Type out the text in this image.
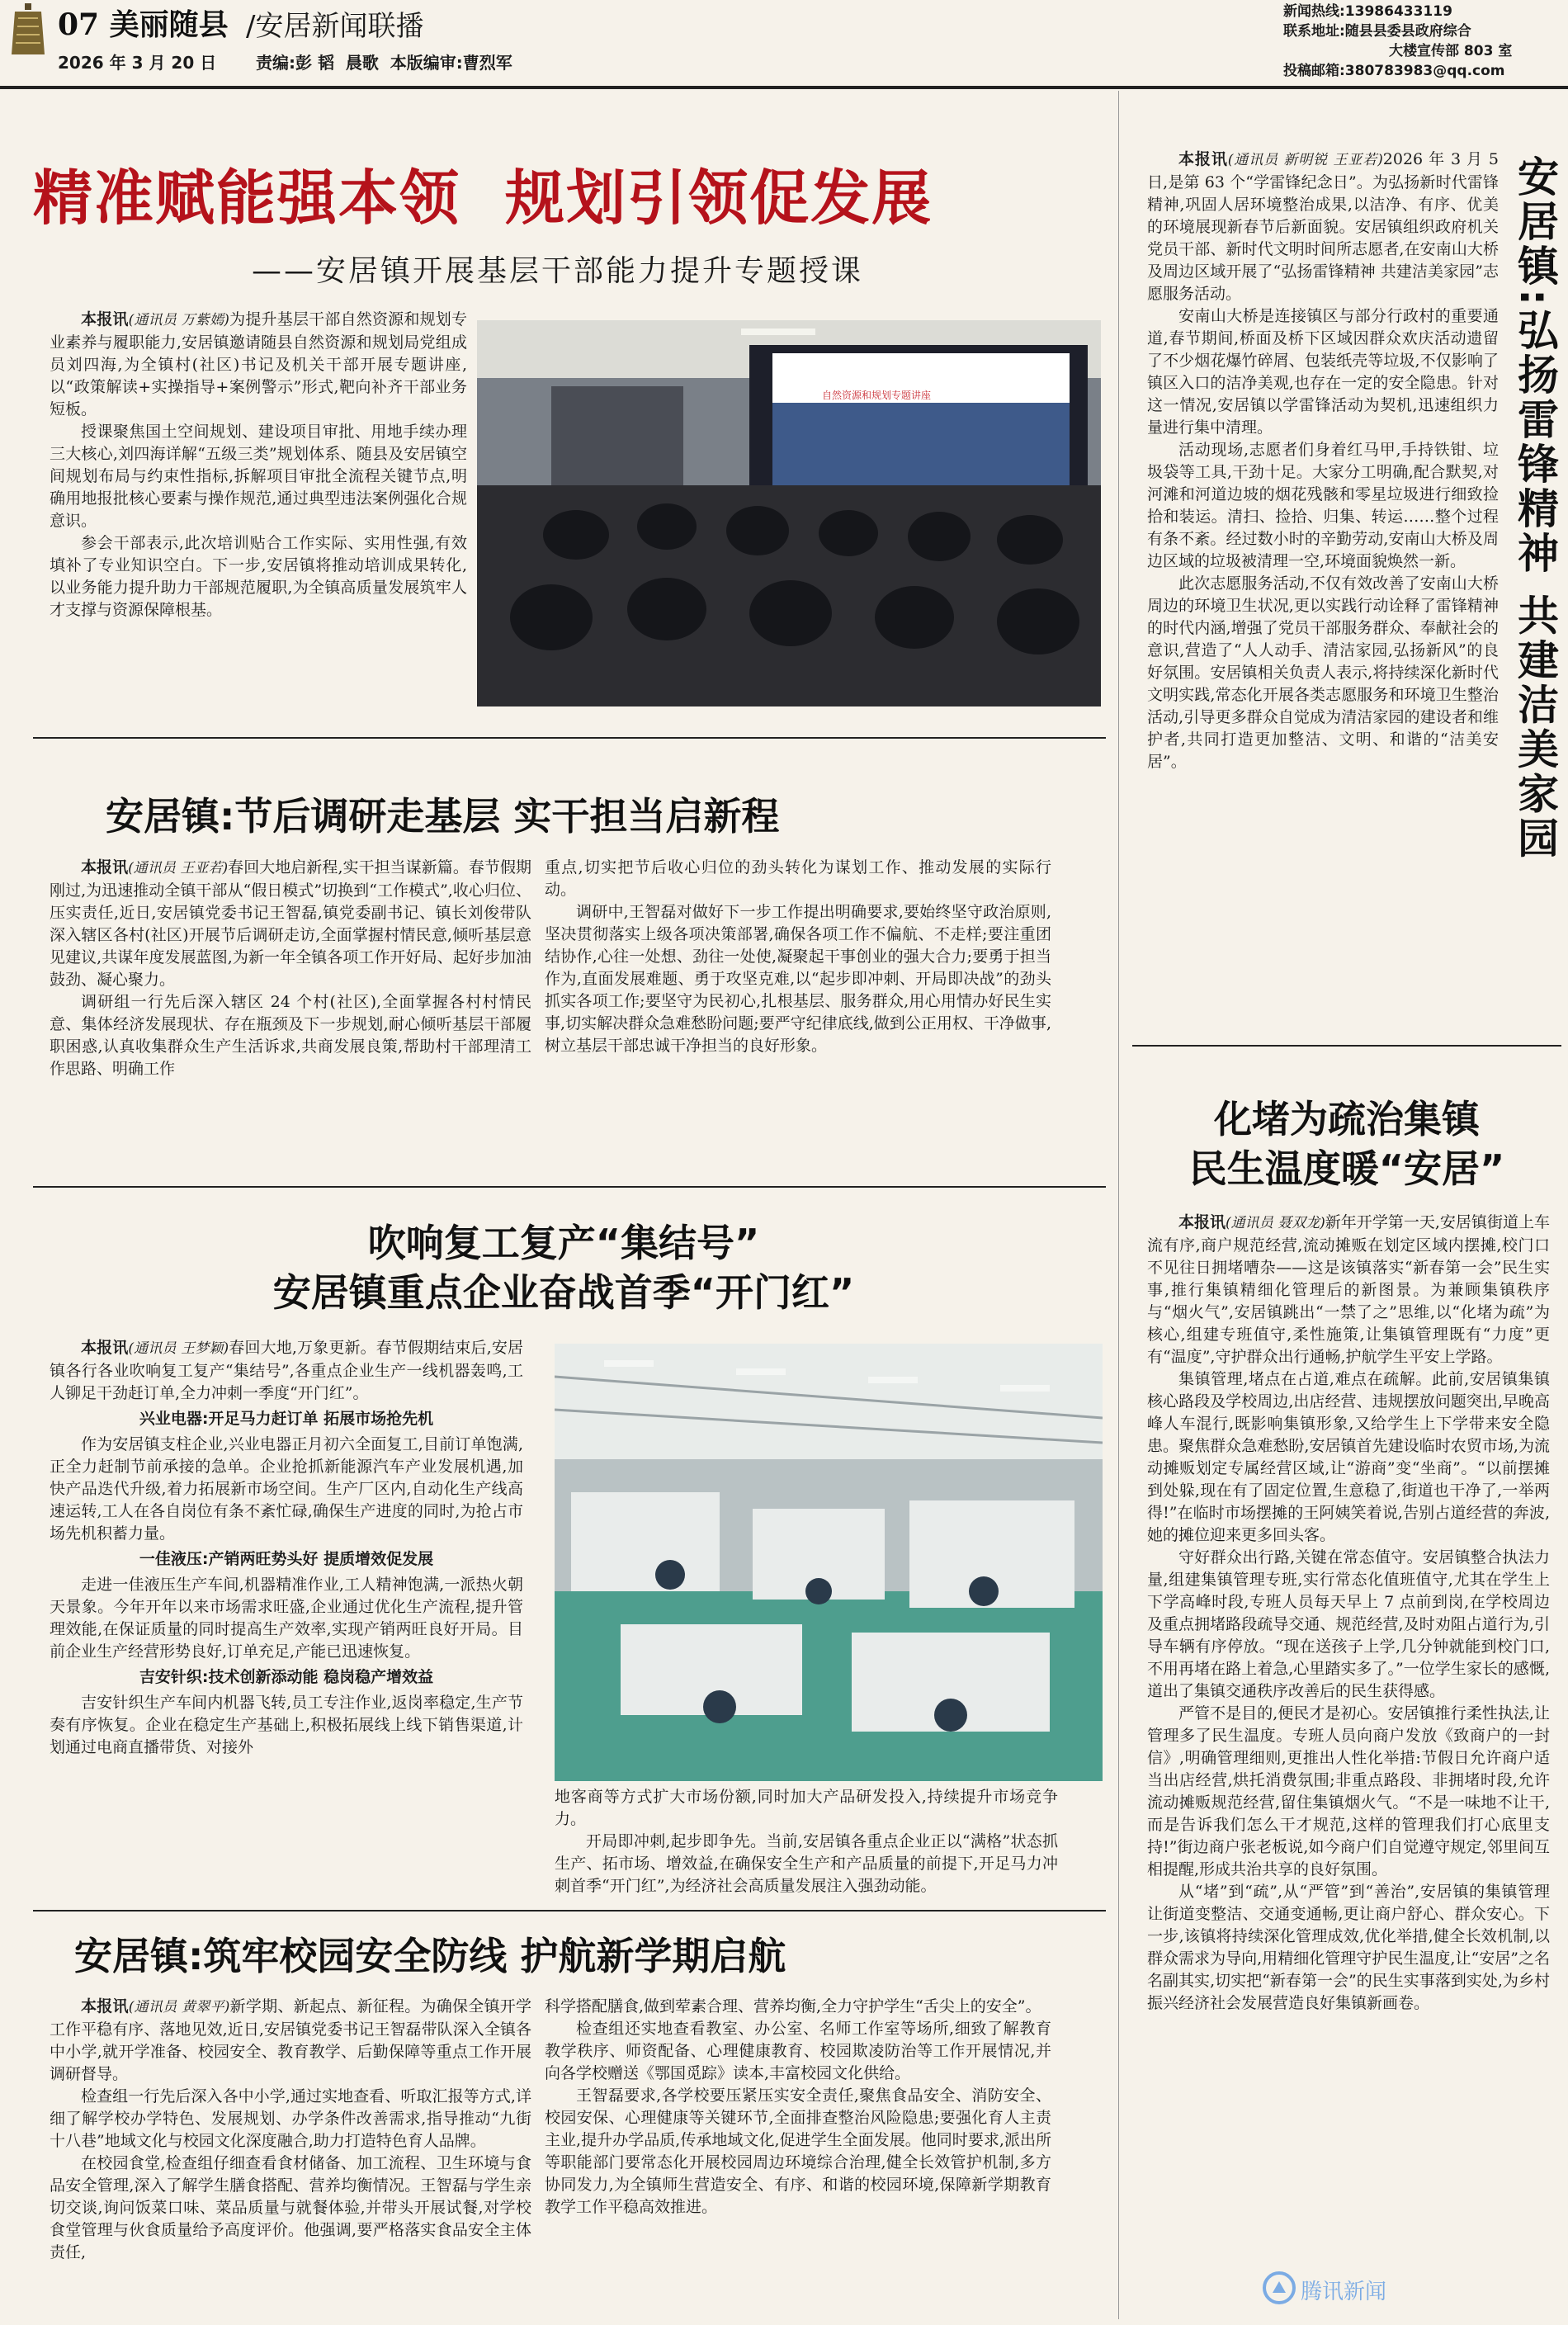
07 美丽随县 /安居新闻联播
2026 年 3 月 20 日 责编:彭 韬  晨歌  本版编审:曹烈军
新闻热线:13986433119
联系地址:随县县委县政府综合
大楼宣传部 803 室
投稿邮箱:380783983@qq.com
精准赋能强本领  规划引领促发展
——安居镇开展基层干部能力提升专题授课

本报讯(通讯员 万紫嫣)为提升基层干部自然资源和规划专业素养与履职能力,安居镇邀请随县自然资源和规划局党组成员刘四海,为全镇村(社区)书记及机关干部开展专题讲座,以“政策解读+实操指导+案例警示”形式,靶向补齐干部业务短板。

授课聚焦国土空间规划、建设项目审批、用地手续办理三大核心,刘四海详解“五级三类”规划体系、随县及安居镇空间规划布局与约束性指标,拆解项目审批全流程关键节点,明确用地报批核心要素与操作规范,通过典型违法案例强化合规意识。

参会干部表示,此次培训贴合工作实际、实用性强,有效填补了专业知识空白。下一步,安居镇将推动培训成果转化,以业务能力提升助力干部规范履职,为全镇高质量发展筑牢人才支撑与资源保障根基。

自然资源和规划专题讲座
安居镇:节后调研走基层 实干担当启新程

本报讯(通讯员 王亚若)春回大地启新程,实干担当谋新篇。春节假期刚过,为迅速推动全镇干部从“假日模式”切换到“工作模式”,收心归位、压实责任,近日,安居镇党委书记王智磊,镇党委副书记、镇长刘俊带队深入辖区各村(社区)开展节后调研走访,全面掌握村情民意,倾听基层意见建议,共谋年度发展蓝图,为新一年全镇各项工作开好局、起好步加油鼓劲、凝心聚力。

调研组一行先后深入辖区 24 个村(社区),全面掌握各村村情民意、集体经济发展现状、存在瓶颈及下一步规划,耐心倾听基层干部履职困惑,认真收集群众生产生活诉求,共商发展良策,帮助村干部理清工作思路、明确工作

重点,切实把节后收心归位的劲头转化为谋划工作、推动发展的实际行动。

调研中,王智磊对做好下一步工作提出明确要求,要始终坚守政治原则,坚决贯彻落实上级各项决策部署,确保各项工作不偏航、不走样;要注重团结协作,心往一处想、劲往一处使,凝聚起干事创业的强大合力;要勇于担当作为,直面发展难题、勇于攻坚克难,以“起步即冲刺、开局即决战”的劲头抓实各项工作;要坚守为民初心,扎根基层、服务群众,用心用情办好民生实事,切实解决群众急难愁盼问题;要严守纪律底线,做到公正用权、干净做事,树立基层干部忠诚干净担当的良好形象。

吹响复工复产“集结号”
安居镇重点企业奋战首季“开门红”

本报讯(通讯员 王梦颖)春回大地,万象更新。春节假期结束后,安居镇各行各业吹响复工复产“集结号”,各重点企业生产一线机器轰鸣,工人铆足干劲赶订单,全力冲刺一季度“开门红”。

兴业电器:开足马力赶订单 拓展市场抢先机

作为安居镇支柱企业,兴业电器正月初六全面复工,目前订单饱满,正全力赶制节前承接的急单。企业抢抓新能源汽车产业发展机遇,加快产品迭代升级,着力拓展新市场空间。生产厂区内,自动化生产线高速运转,工人在各自岗位有条不紊忙碌,确保生产进度的同时,为抢占市场先机积蓄力量。

一佳液压:产销两旺势头好 提质增效促发展

走进一佳液压生产车间,机器精准作业,工人精神饱满,一派热火朝天景象。今年开年以来市场需求旺盛,企业通过优化生产流程,提升管理效能,在保证质量的同时提高生产效率,实现产销两旺良好开局。目前企业生产经营形势良好,订单充足,产能已迅速恢复。

吉安针织:技术创新添动能 稳岗稳产增效益

吉安针织生产车间内机器飞转,员工专注作业,返岗率稳定,生产节奏有序恢复。企业在稳定生产基础上,积极拓展线上线下销售渠道,计划通过电商直播带货、对接外

地客商等方式扩大市场份额,同时加大产品研发投入,持续提升市场竞争力。

开局即冲刺,起步即争先。当前,安居镇各重点企业正以“满格”状态抓生产、拓市场、增效益,在确保安全生产和产品质量的前提下,开足马力冲刺首季“开门红”,为经济社会高质量发展注入强劲动能。

安居镇:筑牢校园安全防线 护航新学期启航

本报讯(通讯员 黄翠平)新学期、新起点、新征程。为确保全镇开学工作平稳有序、落地见效,近日,安居镇党委书记王智磊带队深入全镇各中小学,就开学准备、校园安全、教育教学、后勤保障等重点工作开展调研督导。

检查组一行先后深入各中小学,通过实地查看、听取汇报等方式,详细了解学校办学特色、发展规划、办学条件改善需求,指导推动“九街十八巷”地域文化与校园文化深度融合,助力打造特色育人品牌。

在校园食堂,检查组仔细查看食材储备、加工流程、卫生环境与食品安全管理,深入了解学生膳食搭配、营养均衡情况。王智磊与学生亲切交谈,询问饭菜口味、菜品质量与就餐体验,并带头开展试餐,对学校食堂管理与伙食质量给予高度评价。他强调,要严格落实食品安全主体责任,

科学搭配膳食,做到荤素合理、营养均衡,全力守护学生“舌尖上的安全”。

检查组还实地查看教室、办公室、名师工作室等场所,细致了解教育教学秩序、师资配备、心理健康教育、校园欺凌防治等工作开展情况,并向各学校赠送《鄂国觅踪》读本,丰富校园文化供给。

王智磊要求,各学校要压紧压实安全责任,聚焦食品安全、消防安全、校园安保、心理健康等关键环节,全面排查整治风险隐患;要强化育人主责主业,提升办学品质,传承地域文化,促进学生全面发展。他同时要求,派出所等职能部门要常态化开展校园周边环境综合治理,健全长效管护机制,多方协同发力,为全镇师生营造安全、有序、和谐的校园环境,保障新学期教育教学工作平稳高效推进。

安居镇:弘扬雷锋精神 共建洁美家园

本报讯(通讯员 新明锐 王亚若)2026 年 3 月 5 日,是第 63 个“学雷锋纪念日”。为弘扬新时代雷锋精神,巩固人居环境整治成果,以洁净、有序、优美的环境展现新春节后新面貌。安居镇组织政府机关党员干部、新时代文明时间所志愿者,在安南山大桥及周边区域开展了“弘扬雷锋精神 共建洁美家园”志愿服务活动。

安南山大桥是连接镇区与部分行政村的重要通道,春节期间,桥面及桥下区域因群众欢庆活动遗留了不少烟花爆竹碎屑、包装纸壳等垃圾,不仅影响了镇区入口的洁净美观,也存在一定的安全隐患。针对这一情况,安居镇以学雷锋活动为契机,迅速组织力量进行集中清理。

活动现场,志愿者们身着红马甲,手持铁钳、垃圾袋等工具,干劲十足。大家分工明确,配合默契,对河滩和河道边坡的烟花残骸和零星垃圾进行细致捡拾和装运。清扫、捡拾、归集、转运……整个过程有条不紊。经过数小时的辛勤劳动,安南山大桥及周边区域的垃圾被清理一空,环境面貌焕然一新。

此次志愿服务活动,不仅有效改善了安南山大桥周边的环境卫生状况,更以实践行动诠释了雷锋精神的时代内涵,增强了党员干部服务群众、奉献社会的意识,营造了“人人动手、清洁家园,弘扬新风”的良好氛围。安居镇相关负责人表示,将持续深化新时代文明实践,常态化开展各类志愿服务和环境卫生整治活动,引导更多群众自觉成为清洁家园的建设者和维护者,共同打造更加整洁、文明、和谐的“洁美安居”。

化堵为疏治集镇
民生温度暖“安居”

本报讯(通讯员 聂双龙)新年开学第一天,安居镇街道上车流有序,商户规范经营,流动摊贩在划定区域内摆摊,校门口不见往日拥堵嘈杂——这是该镇落实“新春第一会”民生实事,推行集镇精细化管理后的新图景。为兼顾集镇秩序与“烟火气”,安居镇跳出“一禁了之”思维,以“化堵为疏”为核心,组建专班值守,柔性施策,让集镇管理既有“力度”更有“温度”,守护群众出行通畅,护航学生平安上学路。

集镇管理,堵点在占道,难点在疏解。此前,安居镇集镇核心路段及学校周边,出店经营、违规摆放问题突出,早晚高峰人车混行,既影响集镇形象,又给学生上下学带来安全隐患。聚焦群众急难愁盼,安居镇首先建设临时农贸市场,为流动摊贩划定专属经营区域,让“游商”变“坐商”。“以前摆摊到处躲,现在有了固定位置,生意稳了,街道也干净了,一举两得!”在临时市场摆摊的王阿姨笑着说,告别占道经营的奔波,她的摊位迎来更多回头客。

守好群众出行路,关键在常态值守。安居镇整合执法力量,组建集镇管理专班,实行常态化值班值守,尤其在学生上下学高峰时段,专班人员每天早上 7 点前到岗,在学校周边及重点拥堵路段疏导交通、规范经营,及时劝阻占道行为,引导车辆有序停放。“现在送孩子上学,几分钟就能到校门口,不用再堵在路上着急,心里踏实多了。”一位学生家长的感慨,道出了集镇交通秩序改善后的民生获得感。

严管不是目的,便民才是初心。安居镇推行柔性执法,让管理多了民生温度。专班人员向商户发放《致商户的一封信》,明确管理细则,更推出人性化举措:节假日允许商户适当出店经营,烘托消费氛围;非重点路段、非拥堵时段,允许流动摊贩规范经营,留住集镇烟火气。“不是一味地不让干,而是告诉我们怎么干才规范,这样的管理我们打心底里支持!”街边商户张老板说,如今商户们自觉遵守规定,邻里间互相提醒,形成共治共享的良好氛围。

从“堵”到“疏”,从“严管”到“善治”,安居镇的集镇管理让街道变整洁、交通变通畅,更让商户舒心、群众安心。下一步,该镇将持续深化管理成效,优化举措,健全长效机制,以群众需求为导向,用精细化管理守护民生温度,让“安居”之名名副其实,切实把“新春第一会”的民生实事落到实处,为乡村振兴经济社会发展营造良好集镇新画卷。

腾讯新闻
